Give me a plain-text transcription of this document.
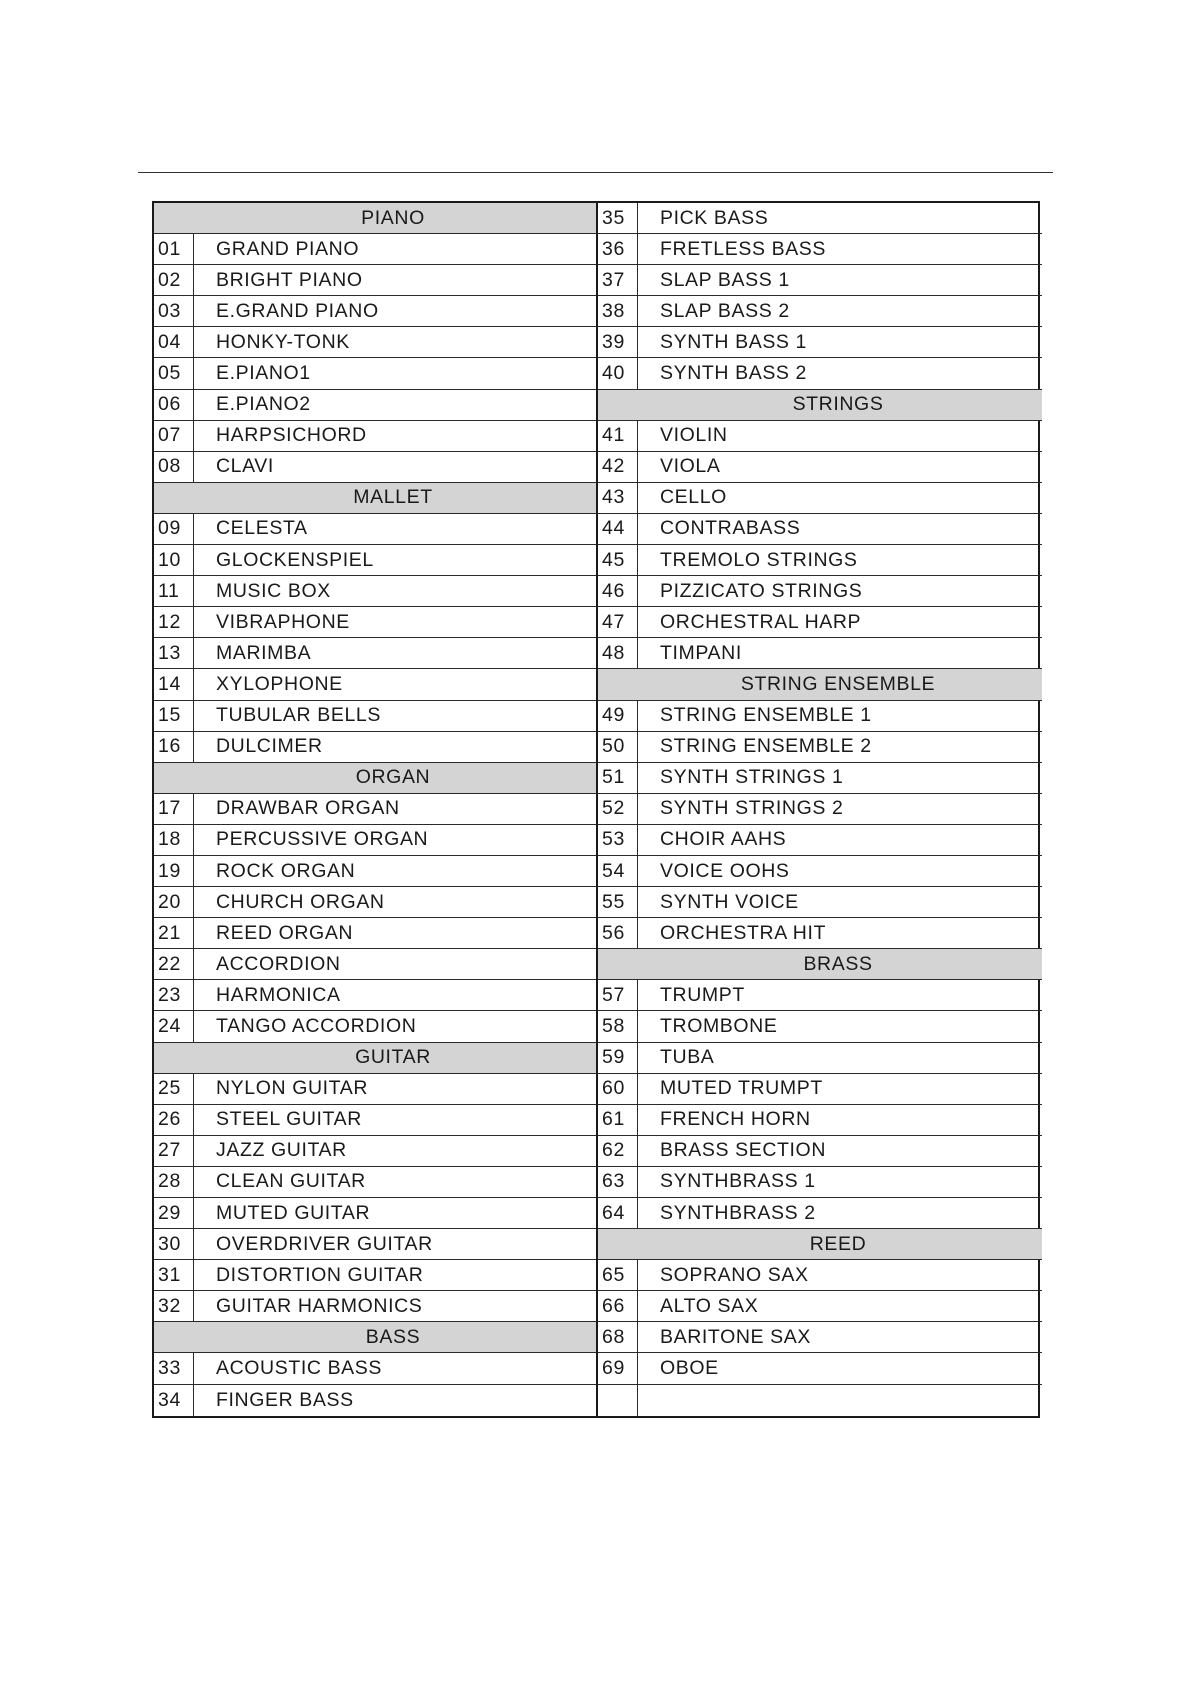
PIANO
01	GRAND PIANO
02	BRIGHT PIANO
03	E.GRAND PIANO
04	HONKY-TONK
05	E.PIANO1
06	E.PIANO2
07	HARPSICHORD
08	CLAVI
MALLET
09	CELESTA
10	GLOCKENSPIEL
11	MUSIC BOX
12	VIBRAPHONE
13	MARIMBA
14	XYLOPHONE
15	TUBULAR BELLS
16	DULCIMER
ORGAN
17	DRAWBAR ORGAN
18	PERCUSSIVE ORGAN
19	ROCK ORGAN
20	CHURCH ORGAN
21	REED ORGAN
22	ACCORDION
23	HARMONICA
24	TANGO ACCORDION
GUITAR
25	NYLON GUITAR
26	STEEL GUITAR
27	JAZZ GUITAR
28	CLEAN GUITAR
29	MUTED GUITAR
30	OVERDRIVER GUITAR
31	DISTORTION GUITAR
32	GUITAR HARMONICS
BASS
33	ACOUSTIC BASS
34	FINGER BASS
35	PICK BASS
36	FRETLESS BASS
37	SLAP BASS 1
38	SLAP BASS 2
39	SYNTH BASS 1
40	SYNTH BASS 2
STRINGS
41	VIOLIN
42	VIOLA
43	CELLO
44	CONTRABASS
45	TREMOLO STRINGS
46	PIZZICATO STRINGS
47	ORCHESTRAL HARP
48	TIMPANI
STRING ENSEMBLE
49	STRING ENSEMBLE 1
50	STRING ENSEMBLE 2
51	SYNTH STRINGS 1
52	SYNTH STRINGS 2
53	CHOIR AAHS
54	VOICE OOHS
55	SYNTH VOICE
56	ORCHESTRA HIT
BRASS
57	TRUMPT
58	TROMBONE
59	TUBA
60	MUTED TRUMPT
61	FRENCH HORN
62	BRASS SECTION
63	SYNTHBRASS 1
64	SYNTHBRASS 2
REED
65	SOPRANO SAX
66	ALTO SAX
68	BARITONE SAX
69	OBOE
